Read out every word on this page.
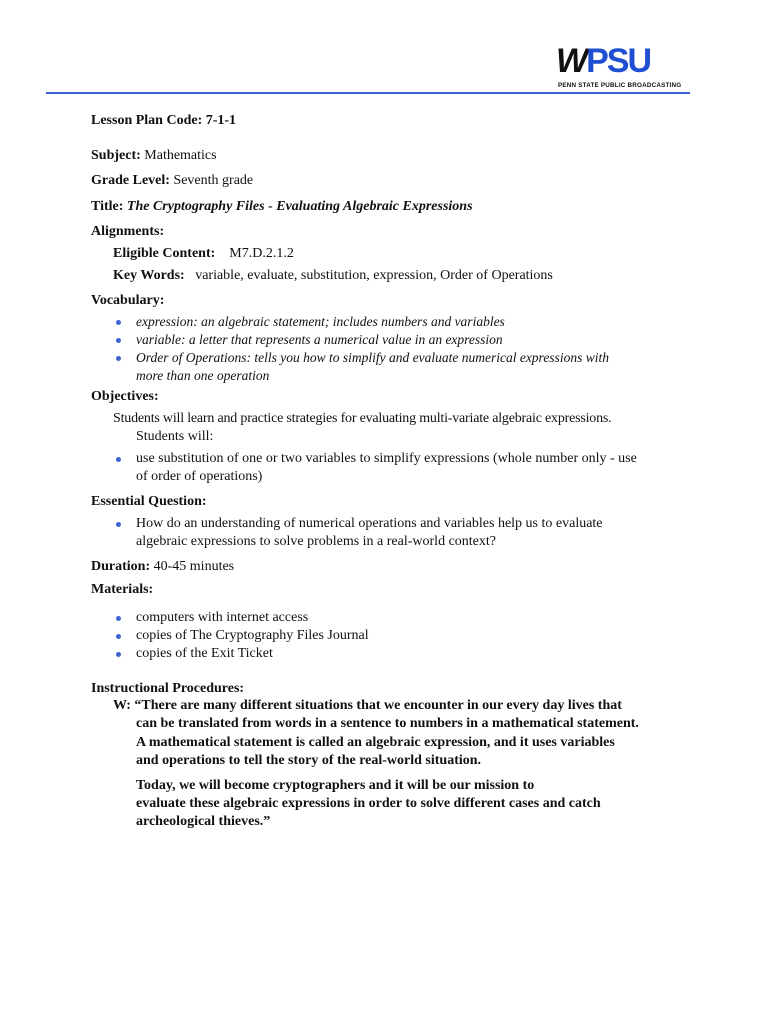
WPSU
PENN STATE PUBLIC BROADCASTING
Lesson Plan Code: 7-1-1
Subject: Mathematics
Grade Level: Seventh grade
Title: The Cryptography Files - Evaluating Algebraic Expressions
Alignments:
Eligible Content: M7.D.2.1.2
Key Words: variable, evaluate, substitution, expression, Order of Operations
Vocabulary:
expression: an algebraic statement; includes numbers and variables
variable: a letter that represents a numerical value in an expression
Order of Operations: tells you how to simplify and evaluate numerical expressions with
more than one operation
Objectives:
Students will learn and practice strategies for evaluating multi-variate algebraic expressions.
Students will:
use substitution of one or two variables to simplify expressions (whole number only - use
of order of operations)
Essential Question:
How do an understanding of numerical operations and variables help us to evaluate
algebraic expressions to solve problems in a real-world context?
Duration: 40-45 minutes
Materials:
computers with internet access
copies of The Cryptography Files Journal
copies of the Exit Ticket
Instructional Procedures:
W: “There are many different situations that we encounter in our every day lives that
can be translated from words in a sentence to numbers in a mathematical statement.
A mathematical statement is called an algebraic expression, and it uses variables
and operations to tell the story of the real-world situation.
Today, we will become cryptographers and it will be our mission to
evaluate these algebraic expressions in order to solve different cases and catch
archeological thieves.”
